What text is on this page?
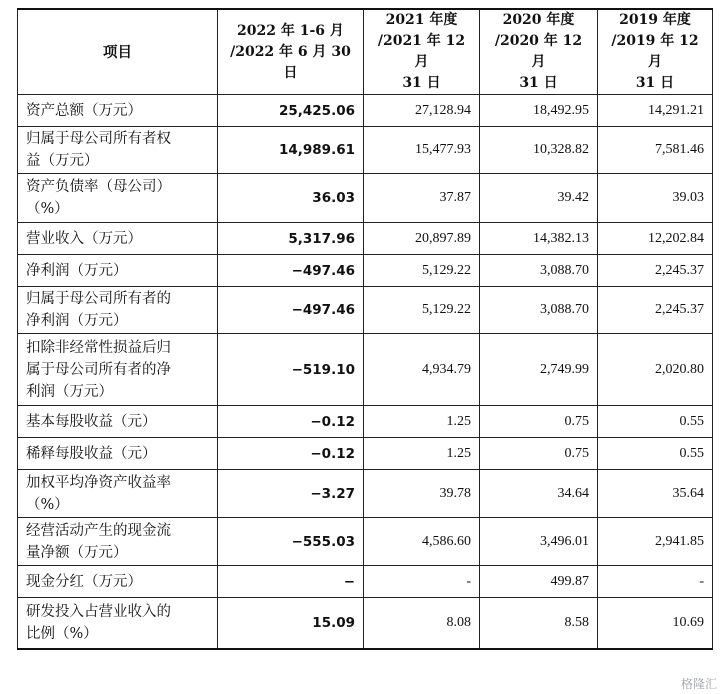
项目	2022 年 1-6 月
/2022 年 6 月 30
日	2021 年度
/2021 年 12 月
31 日	2020 年度
/2020 年 12 月
31 日	2019 年度
/2019 年 12 月
31 日
资产总额（万元）	25,425.06	27,128.94	18,492.95	14,291.21
归属于母公司所有者权
益（万元）	14,989.61	15,477.93	10,328.82	7,581.46
资产负债率（母公司）
（%）	36.03	37.87	39.42	39.03
营业收入（万元）	5,317.96	20,897.89	14,382.13	12,202.84
净利润（万元）	−497.46	5,129.22	3,088.70	2,245.37
归属于母公司所有者的
净利润（万元）	−497.46	5,129.22	3,088.70	2,245.37
扣除非经常性损益后归
属于母公司所有者的净
利润（万元）	−519.10	4,934.79	2,749.99	2,020.80
基本每股收益（元）	−0.12	1.25	0.75	0.55
稀释每股收益（元）	−0.12	1.25	0.75	0.55
加权平均净资产收益率
（%）	−3.27	39.78	34.64	35.64
经营活动产生的现金流
量净额（万元）	−555.03	4,586.60	3,496.01	2,941.85
现金分红（万元）	−	-	499.87	-
研发投入占营业收入的
比例（%）	15.09	8.08	8.58	10.69
格隆汇
